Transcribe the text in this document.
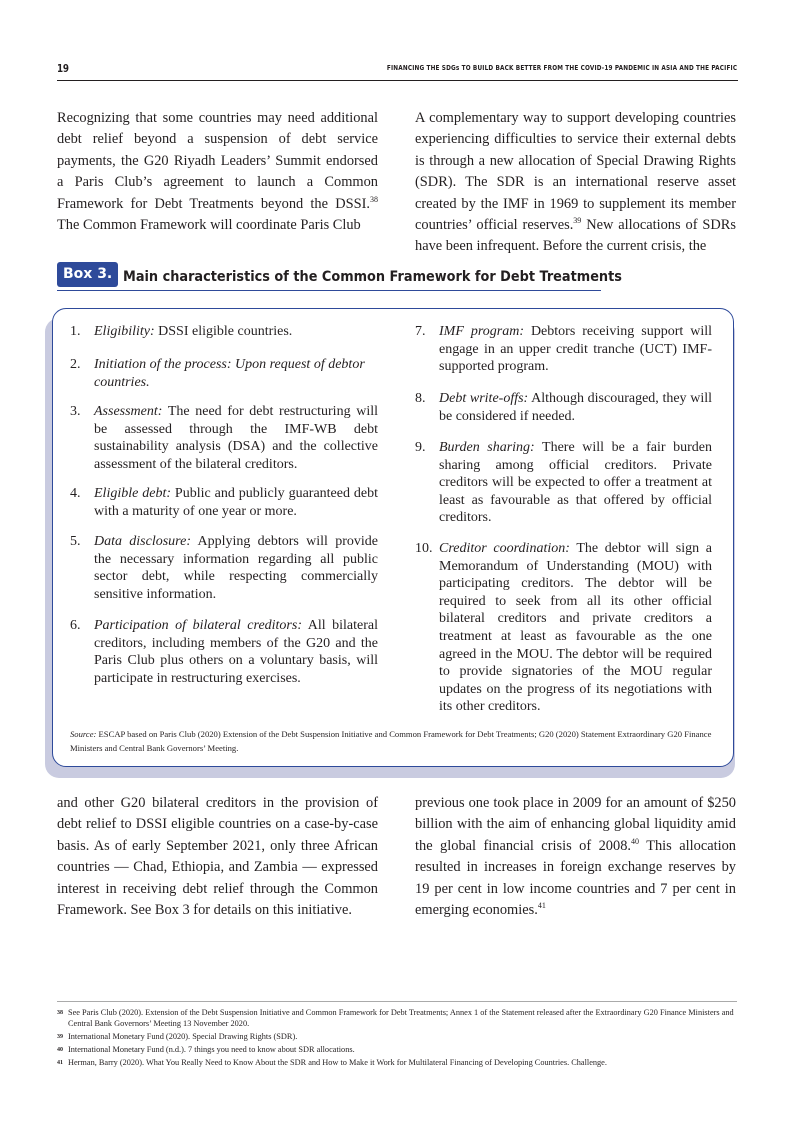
19	FINANCING THE SDGs TO BUILD BACK BETTER FROM THE COVID-19 PANDEMIC IN ASIA AND THE PACIFIC

Recognizing that some countries may need additional debt relief beyond a suspension of debt service payments, the G20 Riyadh Leaders’ Summit endorsed a Paris Club’s agreement to launch a Common Framework for Debt Treatments beyond the DSSI.$^{38}$ The Common Framework will coordinate Paris Club

A complementary way to support developing countries experiencing difficulties to service their external debts is through a new allocation of Special Drawing Rights (SDR). The SDR is an international reserve asset created by the IMF in 1969 to supplement its member countries’ official reserves.$^{39}$ New allocations of SDRs have been infrequent. Before the current crisis, the

Box 3. Main characteristics of the Common Framework for Debt Treatments
1. Eligibility: DSSI eligible countries.
2. Initiation of the process: Upon request of debtor countries.
3. Assessment: The need for debt restructuring will be assessed through the IMF-WB debt sustainability analysis (DSA) and the collective assessment of the bilateral creditors.
4. Eligible debt: Public and publicly guaranteed debt with a maturity of one year or more.
5. Data disclosure: Applying debtors will provide the necessary information regarding all public sector debt, while respecting commercially sensitive information.
6. Participation of bilateral creditors: All bilateral creditors, including members of the G20 and the Paris Club plus others on a voluntary basis, will participate in restructuring exercises.
7. IMF program: Debtors receiving support will engage in an upper credit tranche (UCT) IMF-supported program.
8. Debt write-offs: Although discouraged, they will be considered if needed.
9. Burden sharing: There will be a fair burden sharing among official creditors. Private creditors will be expected to offer a treatment at least as favourable as that offered by official creditors.
10. Creditor coordination: The debtor will sign a Memorandum of Understanding (MOU) with participating creditors. The debtor will be required to seek from all its other official bilateral creditors and private creditors a treatment at least as favourable as the one agreed in the MOU. The debtor will be required to provide signatories of the MOU regular updates on the progress of its negotiations with its other creditors.
Source: ESCAP based on Paris Club (2020) Extension of the Debt Suspension Initiative and Common Framework for Debt Treatments; G20 (2020) Statement Extraordinary G20 Finance Ministers and Central Bank Governors’ Meeting.

and other G20 bilateral creditors in the provision of debt relief to DSSI eligible countries on a case-by-case basis. As of early September 2021, only three African countries — Chad, Ethiopia, and Zambia — expressed interest in receiving debt relief through the Common Framework. See Box 3 for details on this initiative.

previous one took place in 2009 for an amount of $250 billion with the aim of enhancing global liquidity amid the global financial crisis of 2008.40 This allocation resulted in increases in foreign exchange reserves by 19 per cent in low income countries and 7 per cent in emerging economies.$^{41}$

38 See Paris Club (2020). Extension of the Debt Suspension Initiative and Common Framework for Debt Treatments; Annex 1 of the Statement released after the Extraordinary G20 Finance Ministers and Central Bank Governors’ Meeting 13 November 2020.
39 International Monetary Fund (2020). Special Drawing Rights (SDR).
40 International Monetary Fund (n.d.). 7 things you need to know about SDR allocations.
41 Herman, Barry (2020). What You Really Need to Know About the SDR and How to Make it Work for Multilateral Financing of Developing Countries. Challenge.
